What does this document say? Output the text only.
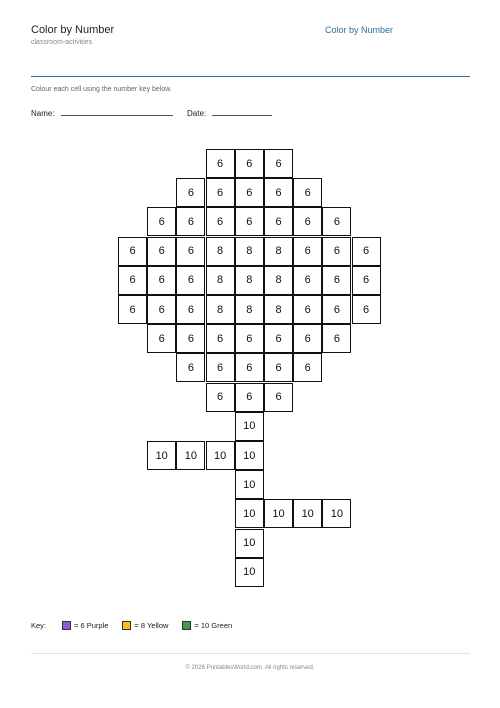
Color by Number
classroom-activities
Color by Number
Colour each cell using the number key below.
Name:	Date:
6	6	6
6	6	6	6	6
6	6	6	6	6	6	6
6	6	6	8	8	8	6	6	6
6	6	6	8	8	8	6	6	6
6	6	6	8	8	8	6	6	6
6	6	6	6	6	6	6
6	6	6	6	6
6	6	6
10
10	10	10	10
10
10	10	10	10
10
10
Key:	= 6 Purple	= 8 Yellow	= 10 Green
© 2026 PrintablesWorld.com. All rights reserved.
